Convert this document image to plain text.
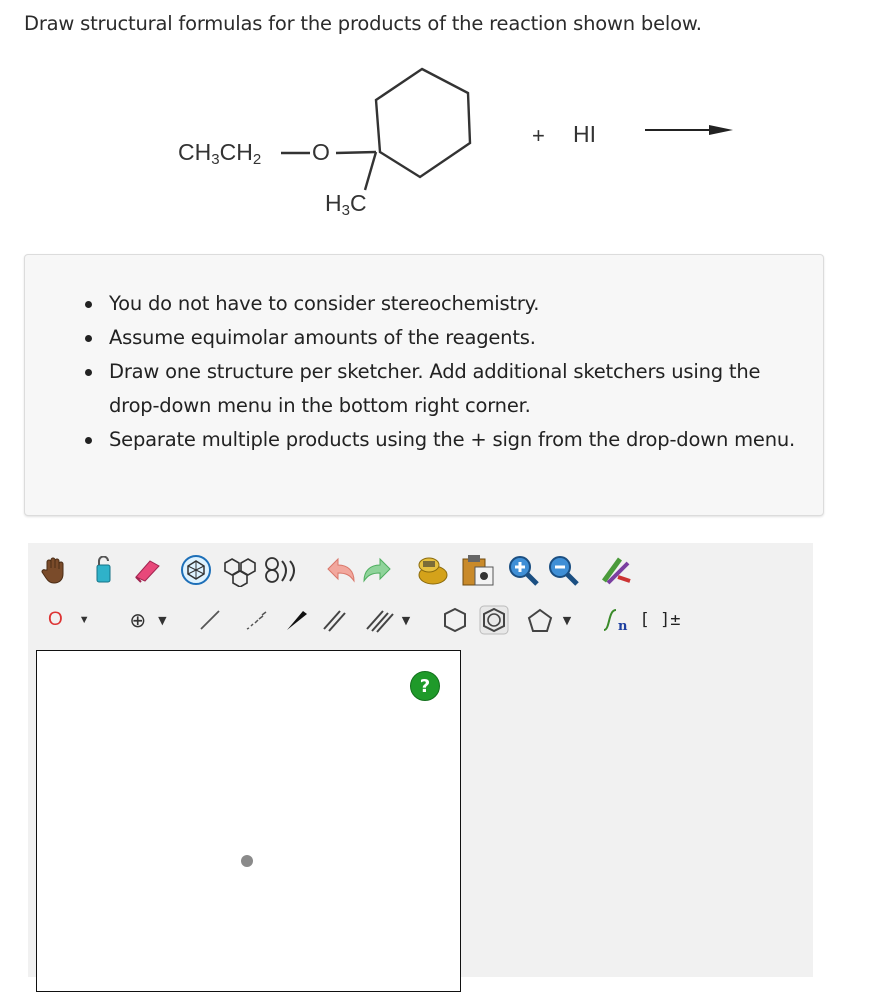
Draw structural formulas for the products of the reaction shown below.
$CH_3CH_2$ O
$H_3C$
+ HI
You do not have to consider stereochemistry.
Assume equimolar amounts of the reagents.
Draw one structure per sketcher. Add additional sketchers using the drop-down menu in the bottom right corner.
Separate multiple products using the + sign from the drop-down menu.
O ▼ ⊕ ▼	▼	▼	n [ ]±
?
